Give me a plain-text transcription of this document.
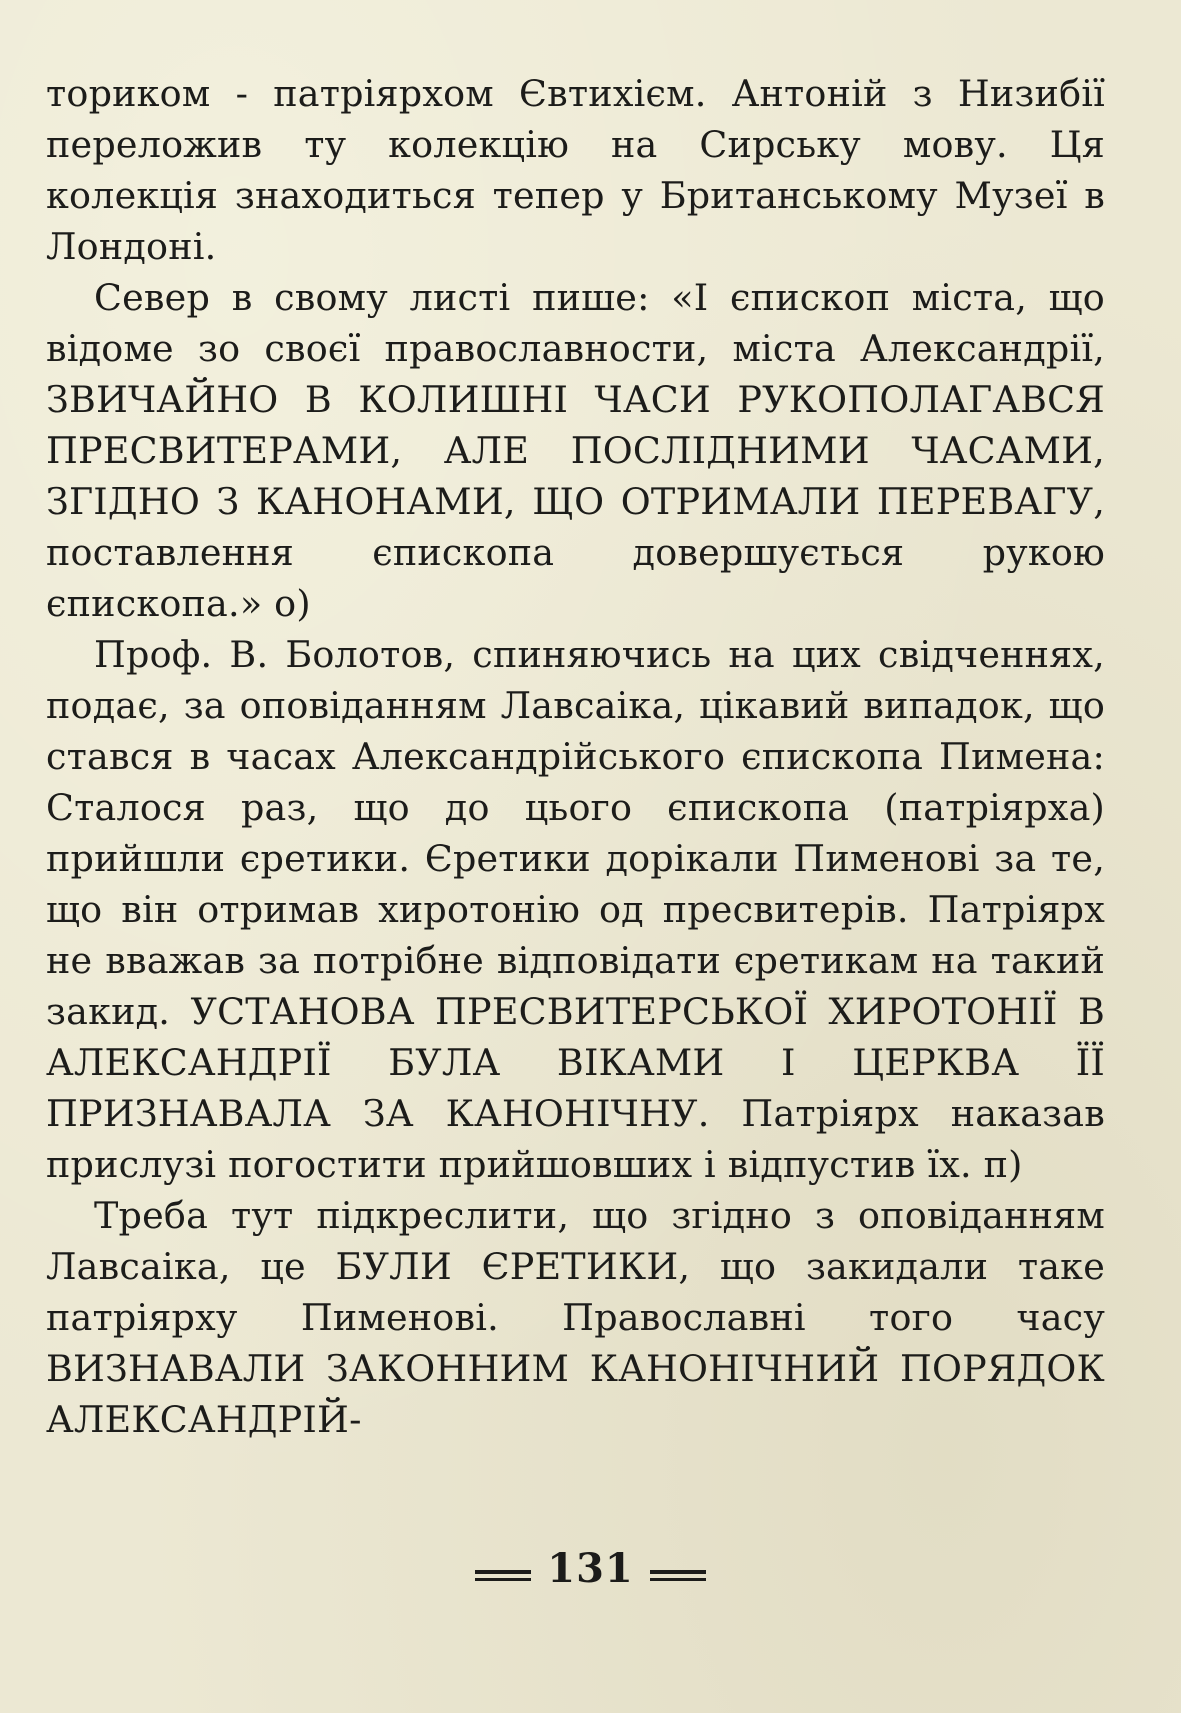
ториком - патріярхом Євтихієм. Антоній з Низибії переложив ту колекцію на Сирську мову. Ця колекція знаходиться тепер у Британському Музеї в Лондоні.

Север в свому листі пише: «І єпископ міста, що відоме зо своєї православности, міста Александрії, ЗВИЧАЙНО В КОЛИШНІ ЧАСИ РУКОПОЛАГАВСЯ ПРЕСВИТЕРАМИ, АЛЕ ПОСЛІДНИМИ ЧАСАМИ, ЗГІДНО З КАНОНАМИ, ЩО ОТРИМАЛИ ПЕРЕВАГУ, поставлення єпископа довершується рукою єпископа.» о)

Проф. В. Болотов, спиняючись на цих свідченнях, подає, за оповіданням Лавсаіка, цікавий випадок, що стався в часах Александрійського єпископа Пимена: Сталося раз, що до цього єпископа (патріярха) прийшли єретики. Єретики дорікали Пименові за те, що він отримав хиротонію од пресвитерів. Патріярх не вважав за потрібне відповідати єретикам на такий закид. УСТАНОВА ПРЕСВИТЕРСЬКОЇ ХИРОТОНІЇ В АЛЕКСАНДРІЇ БУЛА ВІКАМИ І ЦЕРКВА ЇЇ ПРИЗНАВАЛА ЗА КАНОНІЧНУ. Патріярх наказав прислузі погостити прийшовших і відпустив їх. п)

Треба тут підкреслити, що згідно з оповіданням Лавсаіка, це БУЛИ ЄРЕТИКИ, що закидали таке патріярху Пименові. Православні того часу ВИЗНАВАЛИ ЗАКОННИМ КАНОНІЧНИЙ ПОРЯДОК АЛЕКСАНДРІЙ-

131
